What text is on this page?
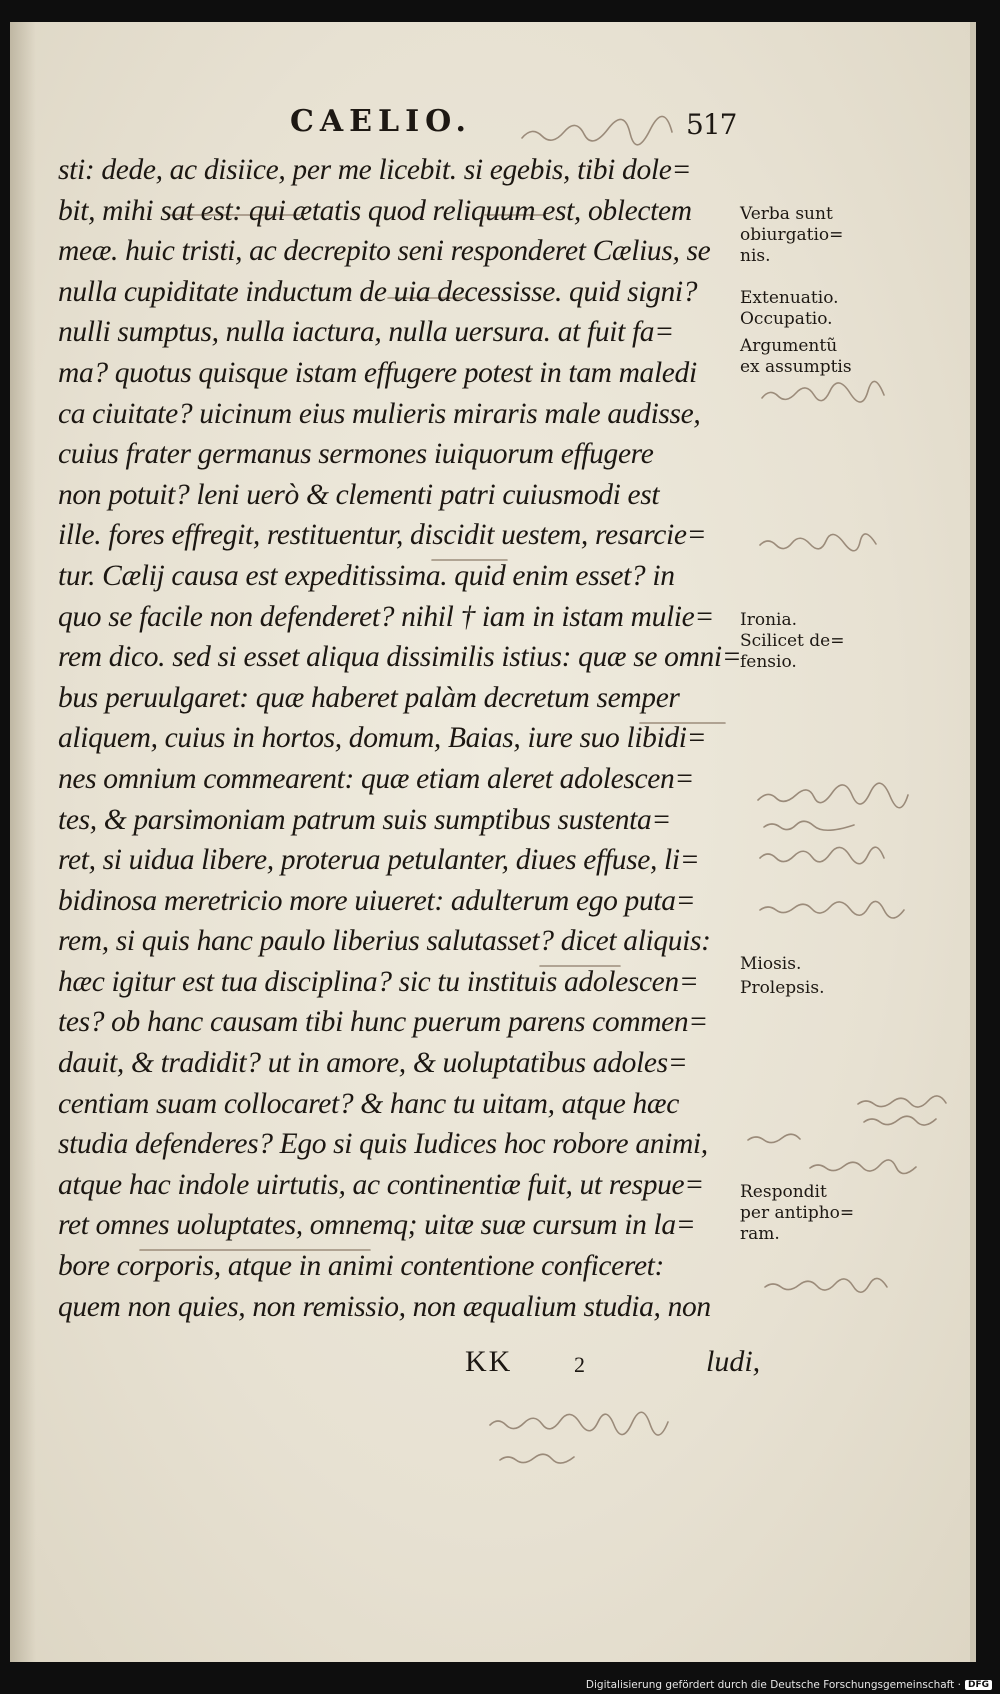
CAELIO.	517
sti: dede, ac disiice, per me licebit. si egebis, tibi dole=
bit, mihi sat est: qui ætatis quod reliquum est, oblectem
meæ. huic tristi, ac decrepito seni responderet Cælius, se
nulla cupiditate inductum de uia decessisse. quid signi?
nulli sumptus, nulla iactura, nulla uersura. at fuit fa=
ma? quotus quisque istam effugere potest in tam maledi
ca ciuitate? uicinum eius mulieris miraris male audisse,
cuius frater germanus sermones iuiquorum effugere
non potuit? leni uerò & clementi patri cuiusmodi est
ille. fores effregit, restituentur, discidit uestem, resarcie=
tur. Cælij causa est expeditissima. quid enim esset? in
quo se facile non defenderet? nihil † iam in istam mulie=
rem dico. sed si esset aliqua dissimilis istius: quæ se omni=
bus peruulgaret: quæ haberet palàm decretum semper
aliquem, cuius in hortos, domum, Baias, iure suo libidi=
nes omnium commearent: quæ etiam aleret adolescen=
tes, & parsimoniam patrum suis sumptibus sustenta=
ret, si uidua libere, proterua petulanter, diues effuse, li=
bidinosa meretricio more uiueret: adulterum ego puta=
rem, si quis hanc paulo liberius salutasset? dicet aliquis:
hæc igitur est tua disciplina? sic tu instituis adolescen=
tes? ob hanc causam tibi hunc puerum parens commen=
dauit, & tradidit? ut in amore, & uoluptatibus adoles=
centiam suam collocaret? & hanc tu uitam, atque hæc
studia defenderes? Ego si quis Iudices hoc robore animi,
atque hac indole uirtutis, ac continentiæ fuit, ut respue=
ret omnes uoluptates, omnemq; uitæ suæ cursum in la=
bore corporis, atque in animi contentione conficeret:
quem non quies, non remissio, non æqualium studia, non
Verba sunt
obiurgatio=
nis.
Extenuatio.
Occupatio.
Argumentũ
ex assumptis
Ironia.
Scilicet de=
fensio.
Miosis.
Prolepsis.
Respondit
per antipho=
ram.
KK	2	ludi,
Digitalisierung gefördert durch die Deutsche Forschungsgemeinschaft · DFG
